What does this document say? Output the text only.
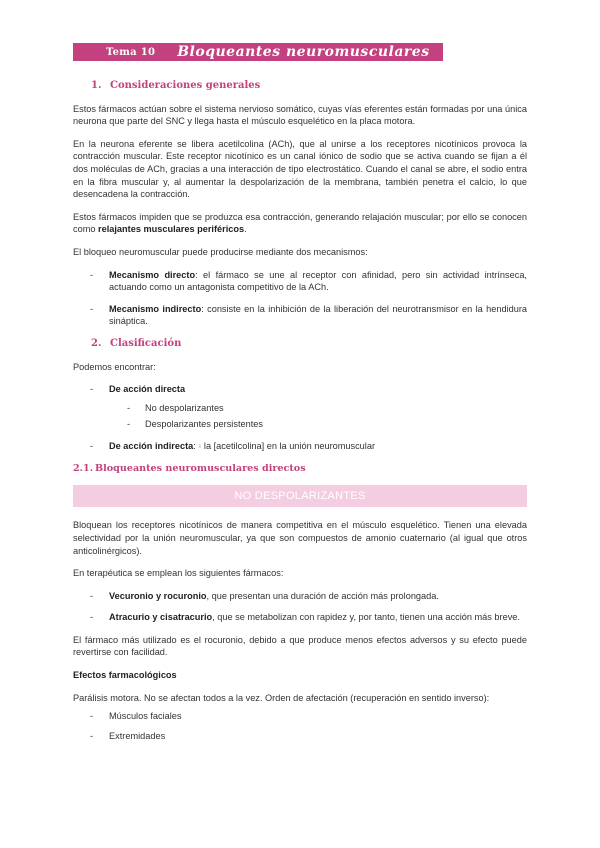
Tema 10 Bloqueantes neuromusculares
1. Consideraciones generales

Estos fármacos actúan sobre el sistema nervioso somático, cuyas vías eferentes están formadas por una única neurona que parte del SNC y llega hasta el músculo esquelético en la placa motora.

En la neurona eferente se libera acetilcolina (ACh), que al unirse a los receptores nicotínicos provoca la contracción muscular. Este receptor nicotínico es un canal iónico de sodio que se activa cuando se fijan a él dos moléculas de ACh, gracias a una interacción de tipo electrostático. Cuando el canal se abre, el sodio entra en la fibra muscular y, al aumentar la despolarización de la membrana, también penetra el calcio, lo que desencadena la contracción.

Estos fármacos impiden que se produzca esa contracción, generando relajación muscular; por ello se conocen como relajantes musculares periféricos.

El bloqueo neuromuscular puede producirse mediante dos mecanismos:

- Mecanismo directo: el fármaco se une al receptor con afinidad, pero sin actividad intrínseca, actuando como un antagonista competitivo de la ACh.
- Mecanismo indirecto: consiste en la inhibición de la liberación del neurotransmisor en la hendidura sináptica.
2. Clasificación

Podemos encontrar:

- De acción directa
- No despolarizantes
- Despolarizantes persistentes
- De acción indirecta: ↓ la [acetilcolina] en la unión neuromuscular
2.1. Bloqueantes neuromusculares directos
NO DESPOLARIZANTES

Bloquean los receptores nicotínicos de manera competitiva en el músculo esquelético. Tienen una elevada selectividad por la unión neuromuscular, ya que son compuestos de amonio cuaternario (al igual que otros anticolinérgicos).

En terapéutica se emplean los siguientes fármacos:

- Vecuronio y rocuronio, que presentan una duración de acción más prolongada.
- Atracurio y cisatracurio, que se metabolizan con rapidez y, por tanto, tienen una acción más breve.

El fármaco más utilizado es el rocuronio, debido a que produce menos efectos adversos y su efecto puede revertirse con facilidad.

Efectos farmacológicos

Parálisis motora. No se afectan todos a la vez. Orden de afectación (recuperación en sentido inverso):

- Músculos faciales
- Extremidades
